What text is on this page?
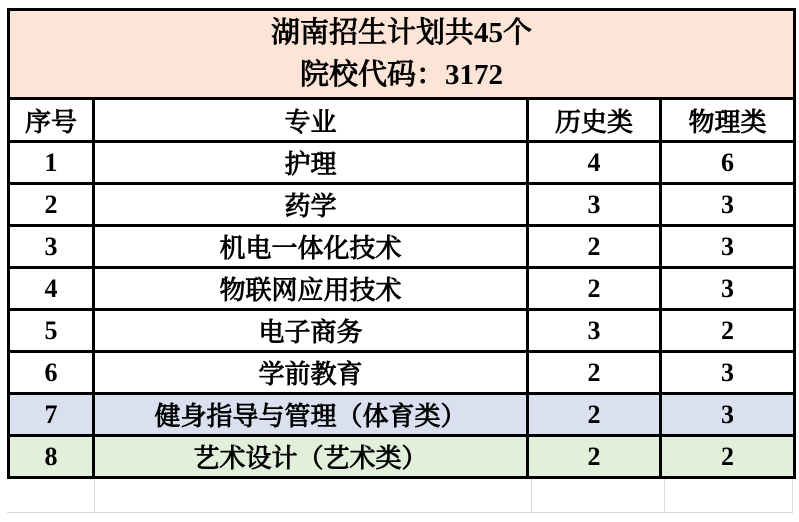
湖南招生计划共45个
院校代码：3172			

序号	专业	历史类	物理类
1	护理	4	6
2	药学	3	3
3	机电一体化技术	2	3
4	物联网应用技术	2	3
5	电子商务	3	2
6	学前教育	2	3
7	健身指导与管理（体育类）	2	3
8	艺术设计（艺术类）	2	2
